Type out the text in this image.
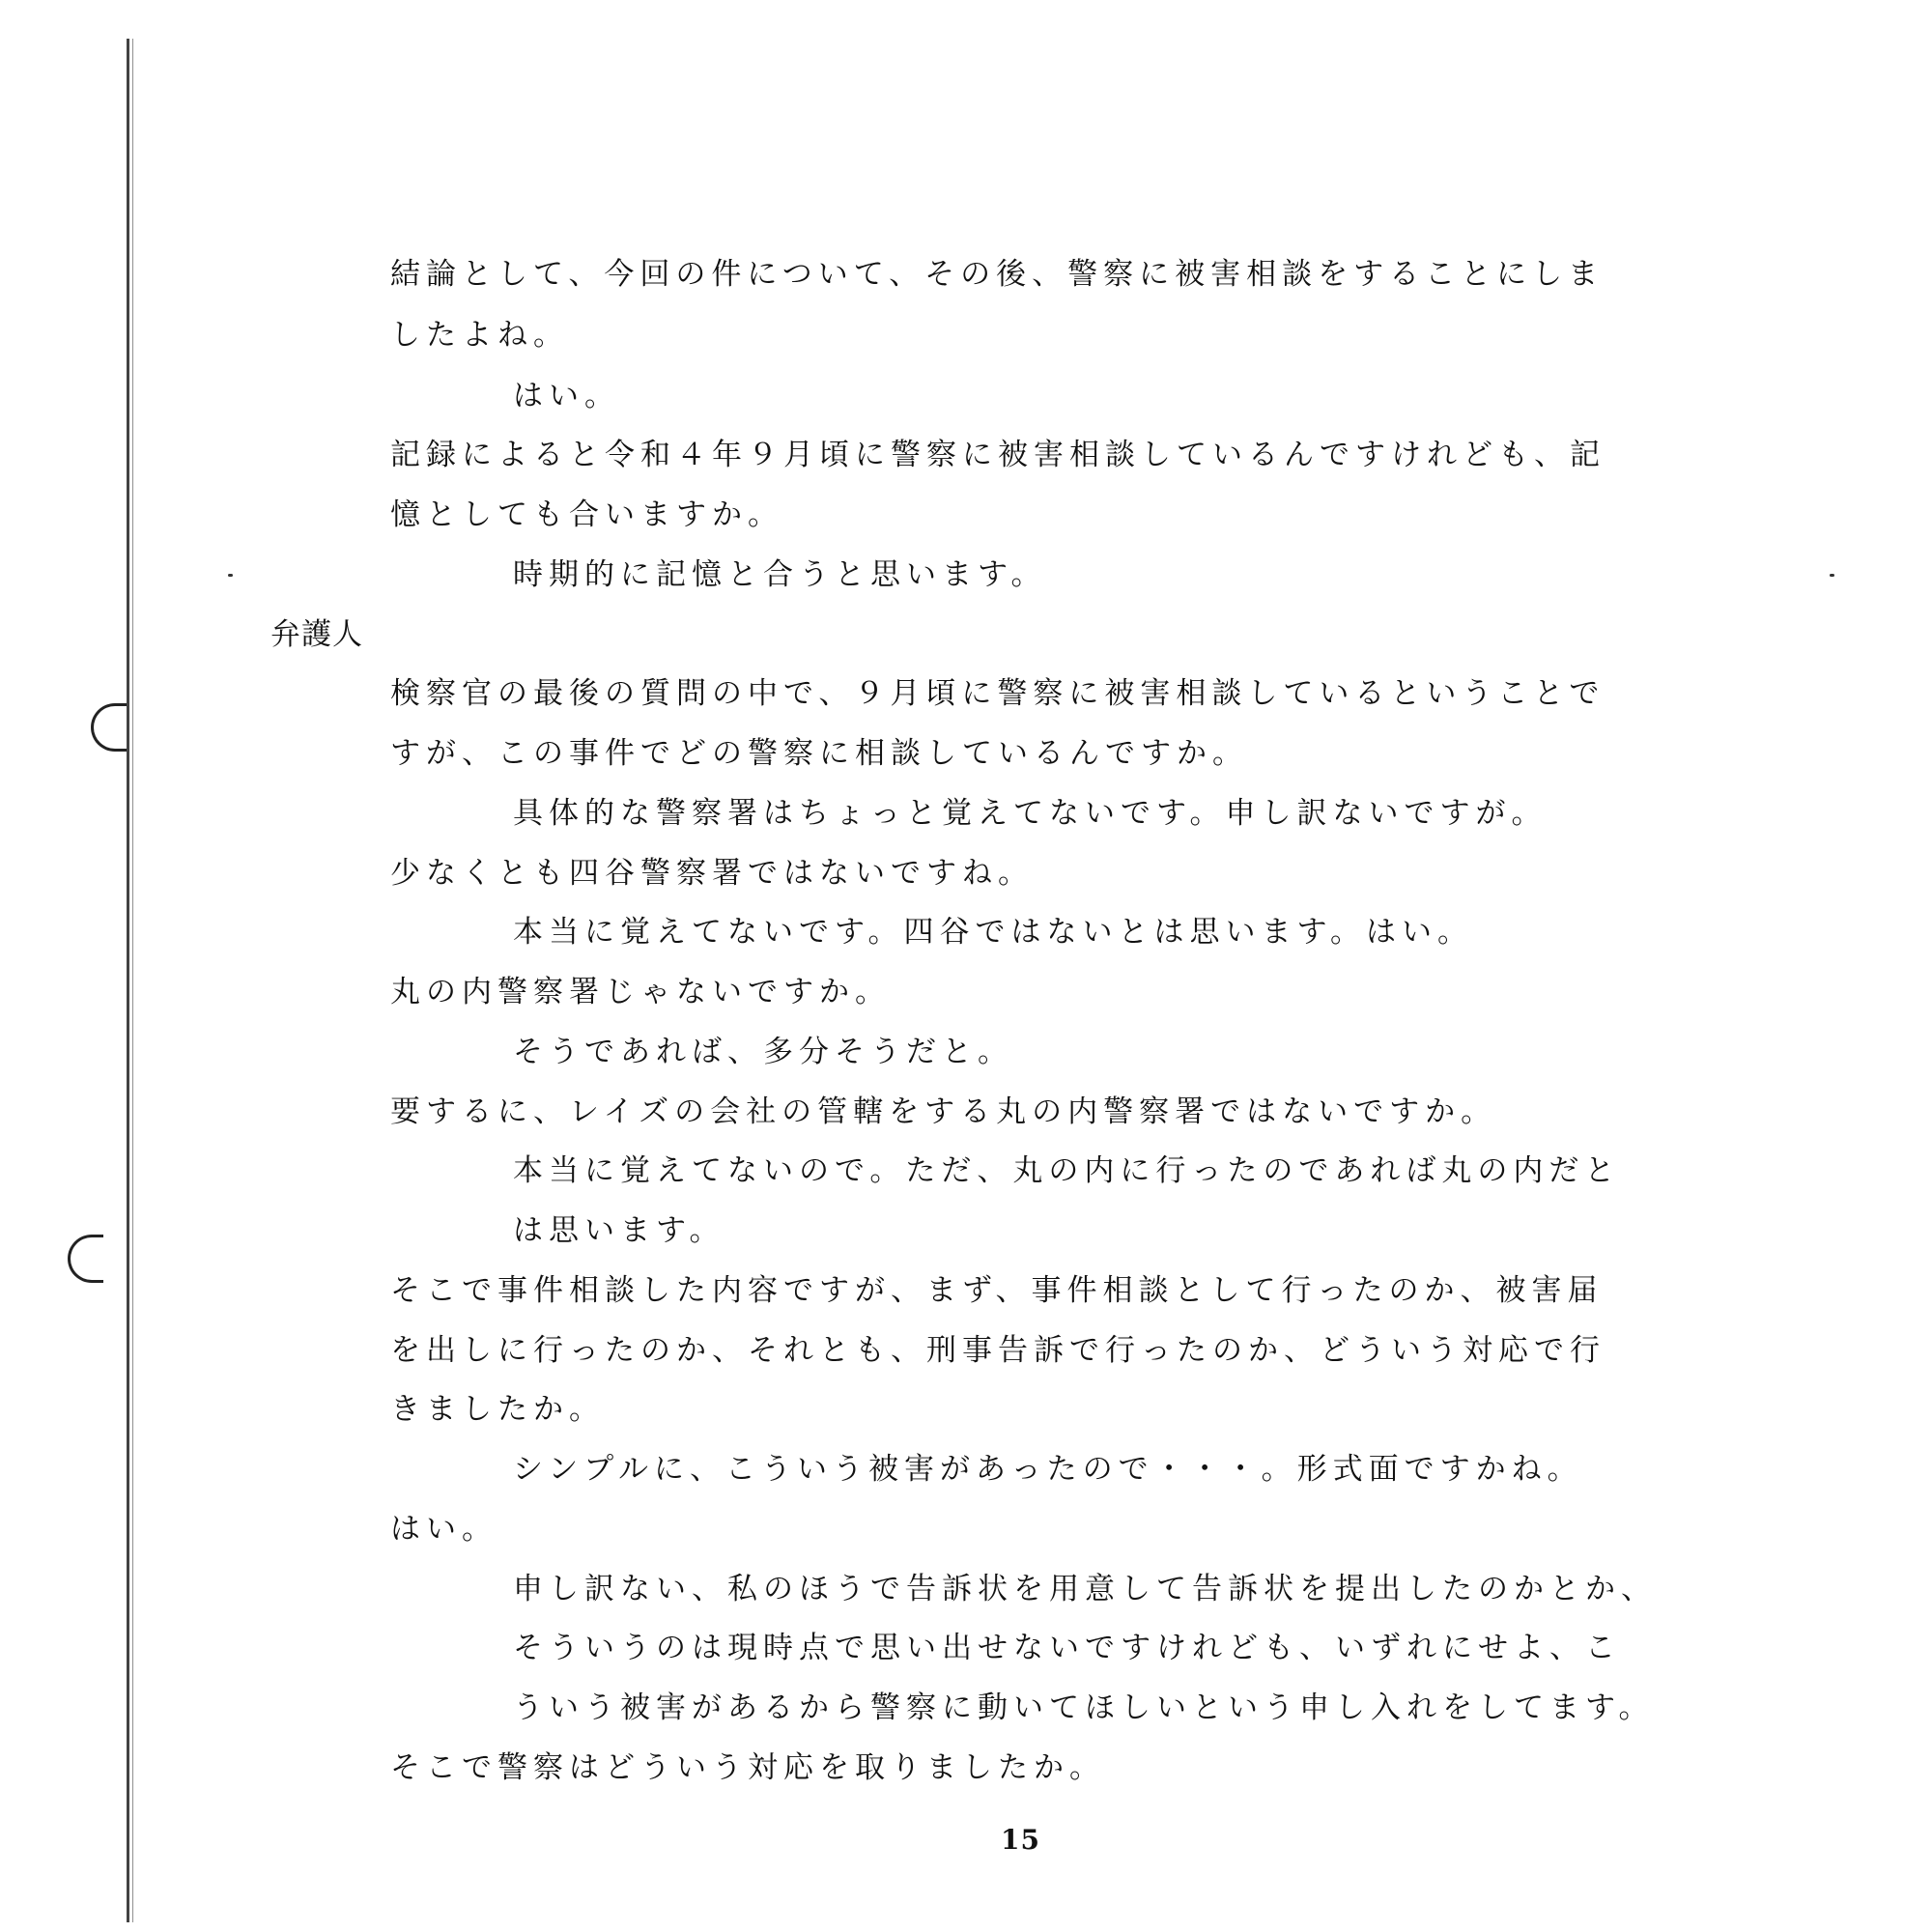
結論として、今回の件について、その後、警察に被害相談をすることにしま
したよね。
はい。
記録によると令和４年９月頃に警察に被害相談しているんですけれども、記
憶としても合いますか。
時期的に記憶と合うと思います。
弁護人
検察官の最後の質問の中で、９月頃に警察に被害相談しているということで
すが、この事件でどの警察に相談しているんですか。
具体的な警察署はちょっと覚えてないです。申し訳ないですが。
少なくとも四谷警察署ではないですね。
本当に覚えてないです。四谷ではないとは思います。はい。
丸の内警察署じゃないですか。
そうであれば、多分そうだと。
要するに、レイズの会社の管轄をする丸の内警察署ではないですか。
本当に覚えてないので。ただ、丸の内に行ったのであれば丸の内だと
は思います。
そこで事件相談した内容ですが、まず、事件相談として行ったのか、被害届
を出しに行ったのか、それとも、刑事告訴で行ったのか、どういう対応で行
きましたか。
シンプルに、こういう被害があったので・・・。形式面ですかね。
はい。
申し訳ない、私のほうで告訴状を用意して告訴状を提出したのかとか、
そういうのは現時点で思い出せないですけれども、いずれにせよ、こ
ういう被害があるから警察に動いてほしいという申し入れをしてます。
そこで警察はどういう対応を取りましたか。
15
